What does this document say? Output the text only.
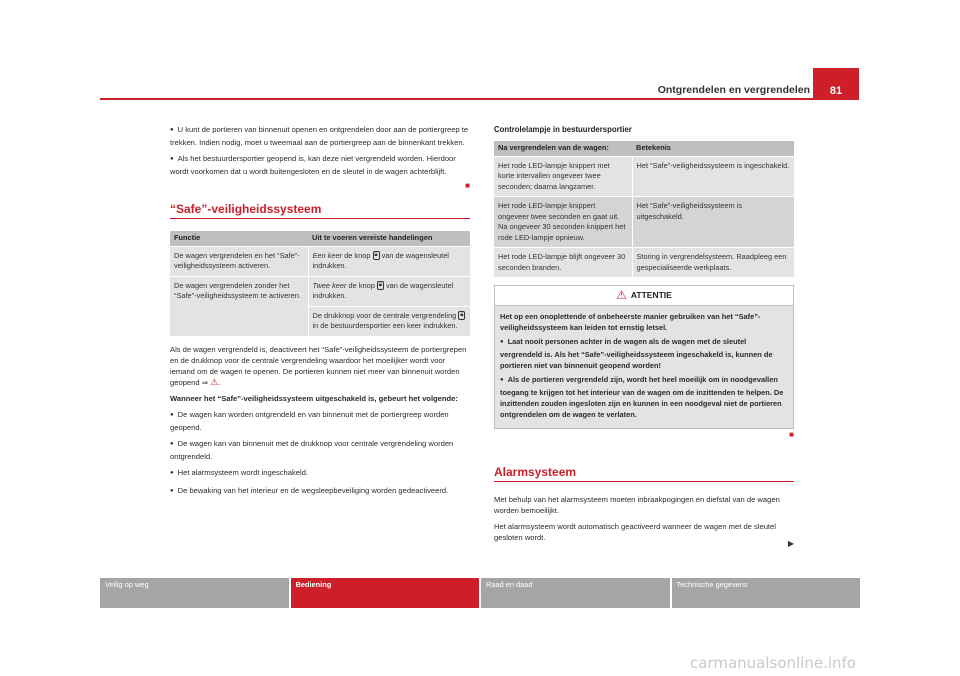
Ontgrendelen en vergrendelen	81
● U kunt de portieren van binnenuit openen en ontgrendelen door aan de portiergreep te trekken. Indien nodig, moet u tweemaal aan de portiergreep aan de binnenkant trekken.
● Als het bestuurdersportier geopend is, kan deze niet vergrendeld worden. Hierdoor wordt voorkomen dat u wordt buitengesloten en de sleutel in de wagen achterblijft.
■
“Safe”-veiligheidssysteem
Functie	Uit te voeren vereiste handelingen
De wagen vergrendelen en het “Safe”-veiligheidssysteem activeren.	Een keer de knop 🔒︎ van de wagensleutel indrukken.
De wagen vergrendelen zonder het “Safe”-veiligheidssysteem te activeren.	Twee keer de knop 🔒︎ van de wagensleutel indrukken.
De drukknop voor de centrale vergrendeling 🔒︎ in de bestuurdersportier een keer indrukken.
Als de wagen vergrendeld is, deactiveert het “Safe”-veiligheidssysteem de portiergrepen en de drukknop voor de centrale vergrendeling waardoor het moeilijker wordt voor iemand om de wagen te openen. De portieren kunnen niet meer van binnenuit worden geopend ⇒ ⚠.
Wanneer het “Safe”-veiligheidssysteem uitgeschakeld is, gebeurt het volgende:
● De wagen kan worden ontgrendeld en van binnenuit met de portiergreep worden geopend.
● De wagen kan van binnenuit met de drukknop voor centrale vergrendeling worden ontgrendeld.
● Het alarmsysteem wordt ingeschakeld.
● De bewaking van het interieur en de wegsleepbeveiliging worden gedeactiveerd.
Controlelampje in bestuurdersportier
Na vergrendelen van de wagen:	Betekenis
Het rode LED-lampje knippert met korte intervallen ongeveer twee seconden; daarna langzamer.	Het “Safe”-veiligheidssysteem is ingeschakeld.
Het rode LED-lampje knippert ongeveer twee seconden en gaat uit. Na ongeveer 30 seconden knippert het rode LED-lampje opnieuw.	Het “Safe”-veiligheidssysteem is uitgeschakeld.
Het rode LED-lampje blijft ongeveer 30 seconden branden.	Storing in vergrendelsysteem. Raadpleeg een gespecialiseerde werkplaats.
⚠ ATTENTIE
Het op een onoplettende of onbeheerste manier gebruiken van het “Safe”-veiligheidssysteem kan leiden tot ernstig letsel.
● Laat nooit personen achter in de wagen als de wagen met de sleutel vergrendeld is. Als het “Safe”-veiligheidssysteem ingeschakeld is, kunnen de portieren niet van binnenuit geopend worden!
● Als de portieren vergrendeld zijn, wordt het heel moeilijk om in noodgevallen toegang te krijgen tot het interieur van de wagen om de inzittenden te helpen. De inzittenden zouden ingesloten zijn en kunnen in een noodgeval niet de portieren ontgrendelen om de wagen te verlaten.
■
Alarmsysteem
Met behulp van het alarmsysteem moeten inbraakpogingen en diefstal van de wagen worden bemoeilijkt.
Het alarmsysteem wordt automatisch geactiveerd wanneer de wagen met de sleutel gesloten wordt.
▶
Veilig op weg	Bediening	Raad en daad	Technische gegevens
carmanualsonline.info
